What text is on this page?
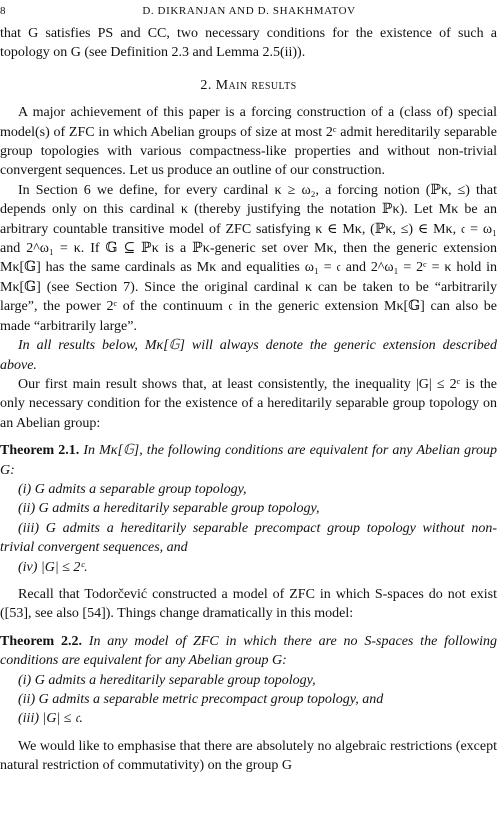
8	D. DIKRANJAN AND D. SHAKHMATOV

that G satisfies PS and CC, two necessary conditions for the existence of such a topology on G (see Definition 2.3 and Lemma 2.5(ii)).

2. Main results

A major achievement of this paper is a forcing construction of a (class of) special model(s) of ZFC in which Abelian groups of size at most 2ᶜ admit hereditarily separable group topologies with various compactness-like properties and without non-trivial convergent sequences. Let us produce an outline of our construction.

In Section 6 we define, for every cardinal κ ≥ ω₂, a forcing notion (ℙκ, ≤) that depends only on this cardinal κ (thereby justifying the notation ℙκ). Let Mκ be an arbitrary countable transitive model of ZFC satisfying κ ∈ Mκ, (ℙκ, ≤) ∈ Mκ, 𝔠 = ω₁ and 2^ω₁ = κ. If 𝔾 ⊆ ℙκ is a ℙκ-generic set over Mκ, then the generic extension Mκ[𝔾] has the same cardinals as Mκ and equalities ω₁ = 𝔠 and 2^ω₁ = 2ᶜ = κ hold in Mκ[𝔾] (see Section 7). Since the original cardinal κ can be taken to be “arbitrarily large”, the power 2ᶜ of the continuum 𝔠 in the generic extension Mκ[𝔾] can also be made “arbitrarily large”.

In all results below, Mκ[𝔾] will always denote the generic extension described above.

Our first main result shows that, at least consistently, the inequality |G| ≤ 2ᶜ is the only necessary condition for the existence of a hereditarily separable group topology on an Abelian group:

Theorem 2.1. In Mκ[𝔾], the following conditions are equivalent for any Abelian group G:

(i) G admits a separable group topology,

(ii) G admits a hereditarily separable group topology,

(iii) G admits a hereditarily separable precompact group topology without non-trivial convergent sequences, and

(iv) |G| ≤ 2ᶜ.

Recall that Todorčević constructed a model of ZFC in which S-spaces do not exist ([53], see also [54]). Things change dramatically in this model:

Theorem 2.2. In any model of ZFC in which there are no S-spaces the following conditions are equivalent for any Abelian group G:

(i) G admits a hereditarily separable group topology,

(ii) G admits a separable metric precompact group topology, and

(iii) |G| ≤ 𝔠.

We would like to emphasise that there are absolutely no algebraic restrictions (except natural restriction of commutativity) on the group G
